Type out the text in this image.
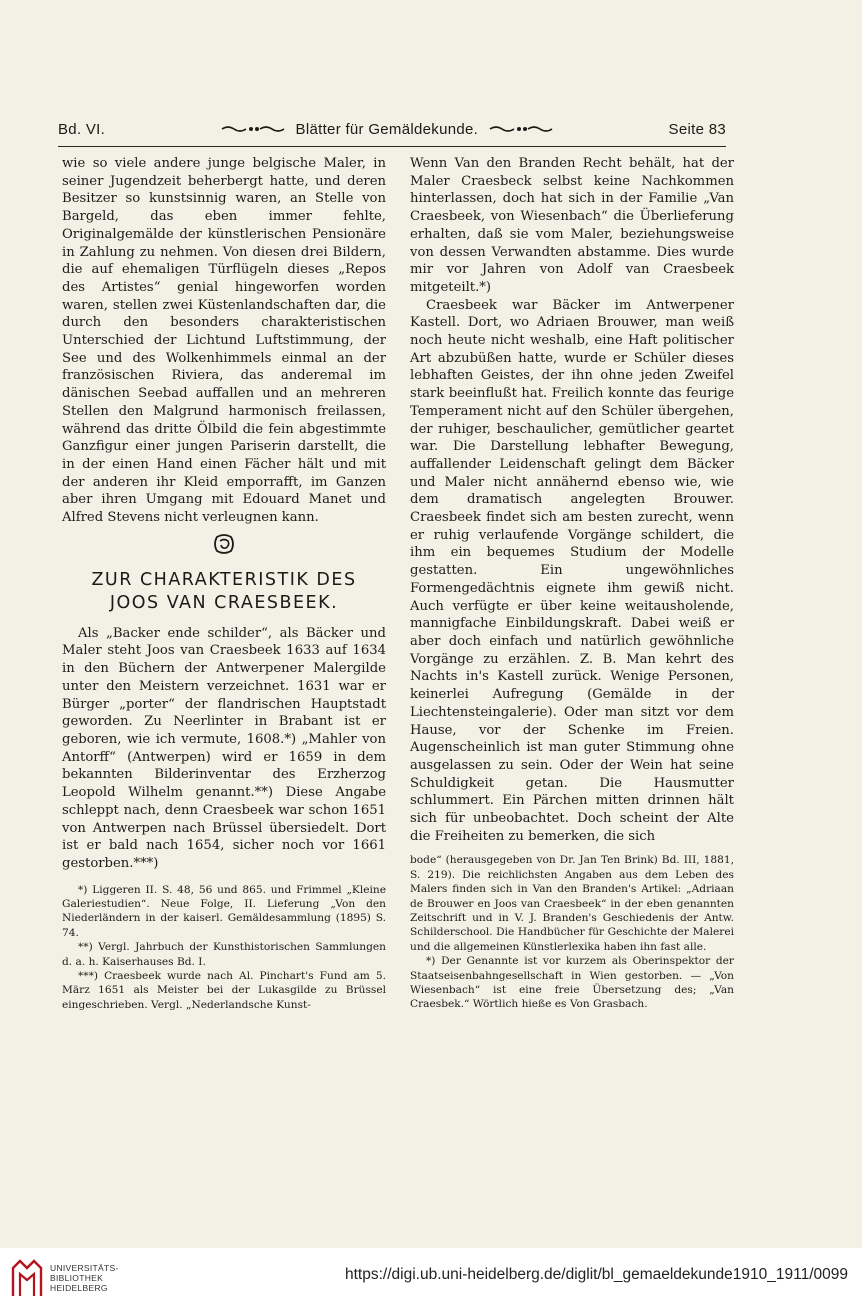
Bd. VI.	Blätter für Gemäldekunde.	Seite 83

wie so viele andere junge belgische Maler, in seiner Jugendzeit beherbergt hatte, und deren Besitzer so kunstsinnig waren, an Stelle von Bargeld, das eben immer fehlte, Originalgemälde der künstlerischen Pensionäre in Zahlung zu nehmen. Von diesen drei Bildern, die auf ehemaligen Türflügeln dieses „Repos des Artistes“ genial hingeworfen worden waren, stellen zwei Küstenlandschaften dar, die durch den besonders charakteristischen Unterschied der Lichtund Luftstimmung, der See und des Wolkenhimmels einmal an der französischen Riviera, das anderemal im dänischen Seebad auffallen und an mehreren Stellen den Malgrund harmonisch freilassen, während das dritte Ölbild die fein abgestimmte Ganzfigur einer jungen Pariserin darstellt, die in der einen Hand einen Fächer hält und mit der anderen ihr Kleid emporrafft, im Ganzen aber ihren Umgang mit Edouard Manet und Alfred Stevens nicht verleugnen kann.

ZUR CHARAKTERISTIK DES
JOOS VAN CRAESBEEK.

Als „Backer ende schilder“, als Bäcker und Maler steht Joos van Craesbeek 1633 auf 1634 in den Büchern der Antwerpener Malergilde unter den Meistern verzeichnet. 1631 war er Bürger „porter“ der flandrischen Hauptstadt geworden. Zu Neerlinter in Brabant ist er geboren, wie ich vermute, 1608.*) „Mahler von Antorff“ (Antwerpen) wird er 1659 in dem bekannten Bilderinventar des Erzherzog Leopold Wilhelm genannt.**) Diese Angabe schleppt nach, denn Craesbeek war schon 1651 von Antwerpen nach Brüssel übersiedelt. Dort ist er bald nach 1654, sicher noch vor 1661 gestorben.***)

*) Liggeren II. S. 48, 56 und 865. und Frimmel „Kleine Galeriestudien“. Neue Folge, II. Lieferung „Von den Niederländern in der kaiserl. Gemäldesammlung (1895) S. 74.

**) Vergl. Jahrbuch der Kunsthistorischen Sammlungen d. a. h. Kaiserhauses Bd. I.

***) Craesbeek wurde nach Al. Pinchart's Fund am 5. März 1651 als Meister bei der Lukasgilde zu Brüssel eingeschrieben. Vergl. „Nederlandsche Kunst-

Wenn Van den Branden Recht behält, hat der Maler Craesbeck selbst keine Nachkommen hinterlassen, doch hat sich in der Familie „Van Craesbeek, von Wiesenbach“ die Überlieferung erhalten, daß sie vom Maler, beziehungsweise von dessen Verwandten abstamme. Dies wurde mir vor Jahren von Adolf van Craesbeek mitgeteilt.*)

Craesbeek war Bäcker im Antwerpener Kastell. Dort, wo Adriaen Brouwer, man weiß noch heute nicht weshalb, eine Haft politischer Art abzubüßen hatte, wurde er Schüler dieses lebhaften Geistes, der ihn ohne jeden Zweifel stark beeinflußt hat. Freilich konnte das feurige Temperament nicht auf den Schüler übergehen, der ruhiger, beschaulicher, gemütlicher geartet war. Die Darstellung lebhafter Bewegung, auffallender Leidenschaft gelingt dem Bäcker und Maler nicht annähernd ebenso wie, wie dem dramatisch angelegten Brouwer. Craesbeek findet sich am besten zurecht, wenn er ruhig verlaufende Vorgänge schildert, die ihm ein bequemes Studium der Modelle gestatten. Ein ungewöhnliches Formengedächtnis eignete ihm gewiß nicht. Auch verfügte er über keine weitausholende, mannigfache Einbildungskraft. Dabei weiß er aber doch einfach und natürlich gewöhnliche Vorgänge zu erzählen. Z. B. Man kehrt des Nachts in's Kastell zurück. Wenige Personen, keinerlei Aufregung (Gemälde in der Liechtensteingalerie). Oder man sitzt vor dem Hause, vor der Schenke im Freien. Augenscheinlich ist man guter Stimmung ohne ausgelassen zu sein. Oder der Wein hat seine Schuldigkeit getan. Die Hausmutter schlummert. Ein Pärchen mitten drinnen hält sich für unbeobachtet. Doch scheint der Alte die Freiheiten zu bemerken, die sich

bode“ (herausgegeben von Dr. Jan Ten Brink) Bd. III, 1881, S. 219). Die reichlichsten Angaben aus dem Leben des Malers finden sich in Van den Branden's Artikel: „Adriaan de Brouwer en Joos van Craesbeek“ in der eben genannten Zeitschrift und in V. J. Branden's Geschiedenis der Antw. Schilderschool. Die Handbücher für Geschichte der Malerei und die allgemeinen Künstlerlexika haben ihn fast alle.

*) Der Genannte ist vor kurzem als Oberinspektor der Staatseisenbahngesellschaft in Wien gestorben. — „Von Wiesenbach“ ist eine freie Übersetzung des; „Van Craesbek.“ Wörtlich hieße es Von Grasbach.

UNIVERSITÄTS-
BIBLIOTHEK
HEIDELBERG
https://digi.ub.uni-heidelberg.de/diglit/bl_gemaeldekunde1910_1911/0099
